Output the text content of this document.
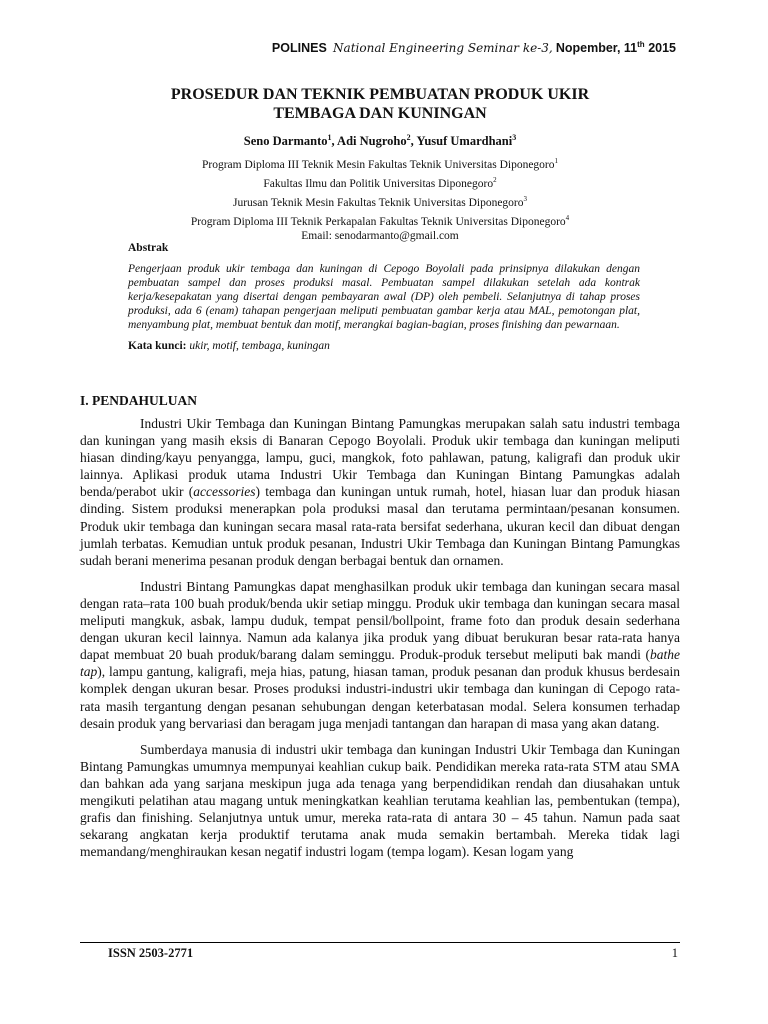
POLINES National Engineering Seminar ke-3, Nopember, 11th 2015
PROSEDUR DAN TEKNIK PEMBUATAN PRODUK UKIR
TEMBAGA DAN KUNINGAN
Seno Darmanto$^1$, Adi Nugroho$^2$, Yusuf Umardhani$^3$
Program Diploma III Teknik Mesin Fakultas Teknik Universitas Diponegoro$^1$
Fakultas Ilmu dan Politik Universitas Diponegoro$^2$
Jurusan Teknik Mesin Fakultas Teknik Universitas Diponegoro$^3$
Program Diploma III Teknik Perkapalan Fakultas Teknik Universitas Diponegoro$^4$
Email: senodarmanto@gmail.com
Abstrak

Pengerjaan produk ukir tembaga dan kuningan di Cepogo Boyolali pada prinsipnya dilakukan dengan pembuatan sampel dan proses produksi masal. Pembuatan sampel dilakukan setelah ada kontrak kerja/kesepakatan yang disertai dengan pembayaran awal (DP) oleh pembeli. Selanjutnya di tahap proses produksi, ada 6 (enam) tahapan pengerjaan meliputi pembuatan gambar kerja atau MAL, pemotongan plat, menyambung plat, membuat bentuk dan motif, merangkai bagian-bagian, proses finishing dan pewarnaan.

Kata kunci: ukir, motif, tembaga, kuningan
I. PENDAHULUAN

Industri Ukir Tembaga dan Kuningan Bintang Pamungkas merupakan salah satu industri tembaga dan kuningan yang masih eksis di Banaran Cepogo Boyolali. Produk ukir tembaga dan kuningan meliputi hiasan dinding/kayu penyangga, lampu, guci, mangkok, foto pahlawan, patung, kaligrafi dan produk ukir lainnya. Aplikasi produk utama Industri Ukir Tembaga dan Kuningan Bintang Pamungkas adalah benda/perabot ukir (accessories) tembaga dan kuningan untuk rumah, hotel, hiasan luar dan produk hiasan dinding. Sistem produksi menerapkan pola produksi masal dan terutama permintaan/pesanan konsumen. Produk ukir tembaga dan kuningan secara masal rata-rata bersifat sederhana, ukuran kecil dan dibuat dengan jumlah terbatas. Kemudian untuk produk pesanan, Industri Ukir Tembaga dan Kuningan Bintang Pamungkas sudah berani menerima pesanan produk dengan berbagai bentuk dan ornamen.

Industri Bintang Pamungkas dapat menghasilkan produk ukir tembaga dan kuningan secara masal dengan rata–rata 100 buah produk/benda ukir setiap minggu. Produk ukir tembaga dan kuningan secara masal meliputi mangkuk, asbak, lampu duduk, tempat pensil/bollpoint, frame foto dan produk desain sederhana dengan ukuran kecil lainnya. Namun ada kalanya jika produk yang dibuat berukuran besar rata-rata hanya dapat membuat 20 buah produk/barang dalam seminggu. Produk-produk tersebut meliputi bak mandi (bathe tap), lampu gantung, kaligrafi, meja hias, patung, hiasan taman, produk pesanan dan produk khusus berdesain komplek dengan ukuran besar. Proses produksi industri-industri ukir tembaga dan kuningan di Cepogo rata-rata masih tergantung dengan pesanan sehubungan dengan keterbatasan modal. Selera konsumen terhadap desain produk yang bervariasi dan beragam juga menjadi tantangan dan harapan di masa yang akan datang.

Sumberdaya manusia di industri ukir tembaga dan kuningan Industri Ukir Tembaga dan Kuningan Bintang Pamungkas umumnya mempunyai keahlian cukup baik. Pendidikan mereka rata-rata STM atau SMA dan bahkan ada yang sarjana meskipun juga ada tenaga yang berpendidikan rendah dan diusahakan untuk mengikuti pelatihan atau magang untuk meningkatkan keahlian terutama keahlian las, pembentukan (tempa), grafis dan finishing. Selanjutnya untuk umur, mereka rata-rata di antara 30 – 45 tahun. Namun pada saat sekarang angkatan kerja produktif terutama anak muda semakin bertambah. Mereka tidak lagi memandang/menghiraukan kesan negatif industri logam (tempa logam). Kesan logam yang

ISSN 2503-2771	1
